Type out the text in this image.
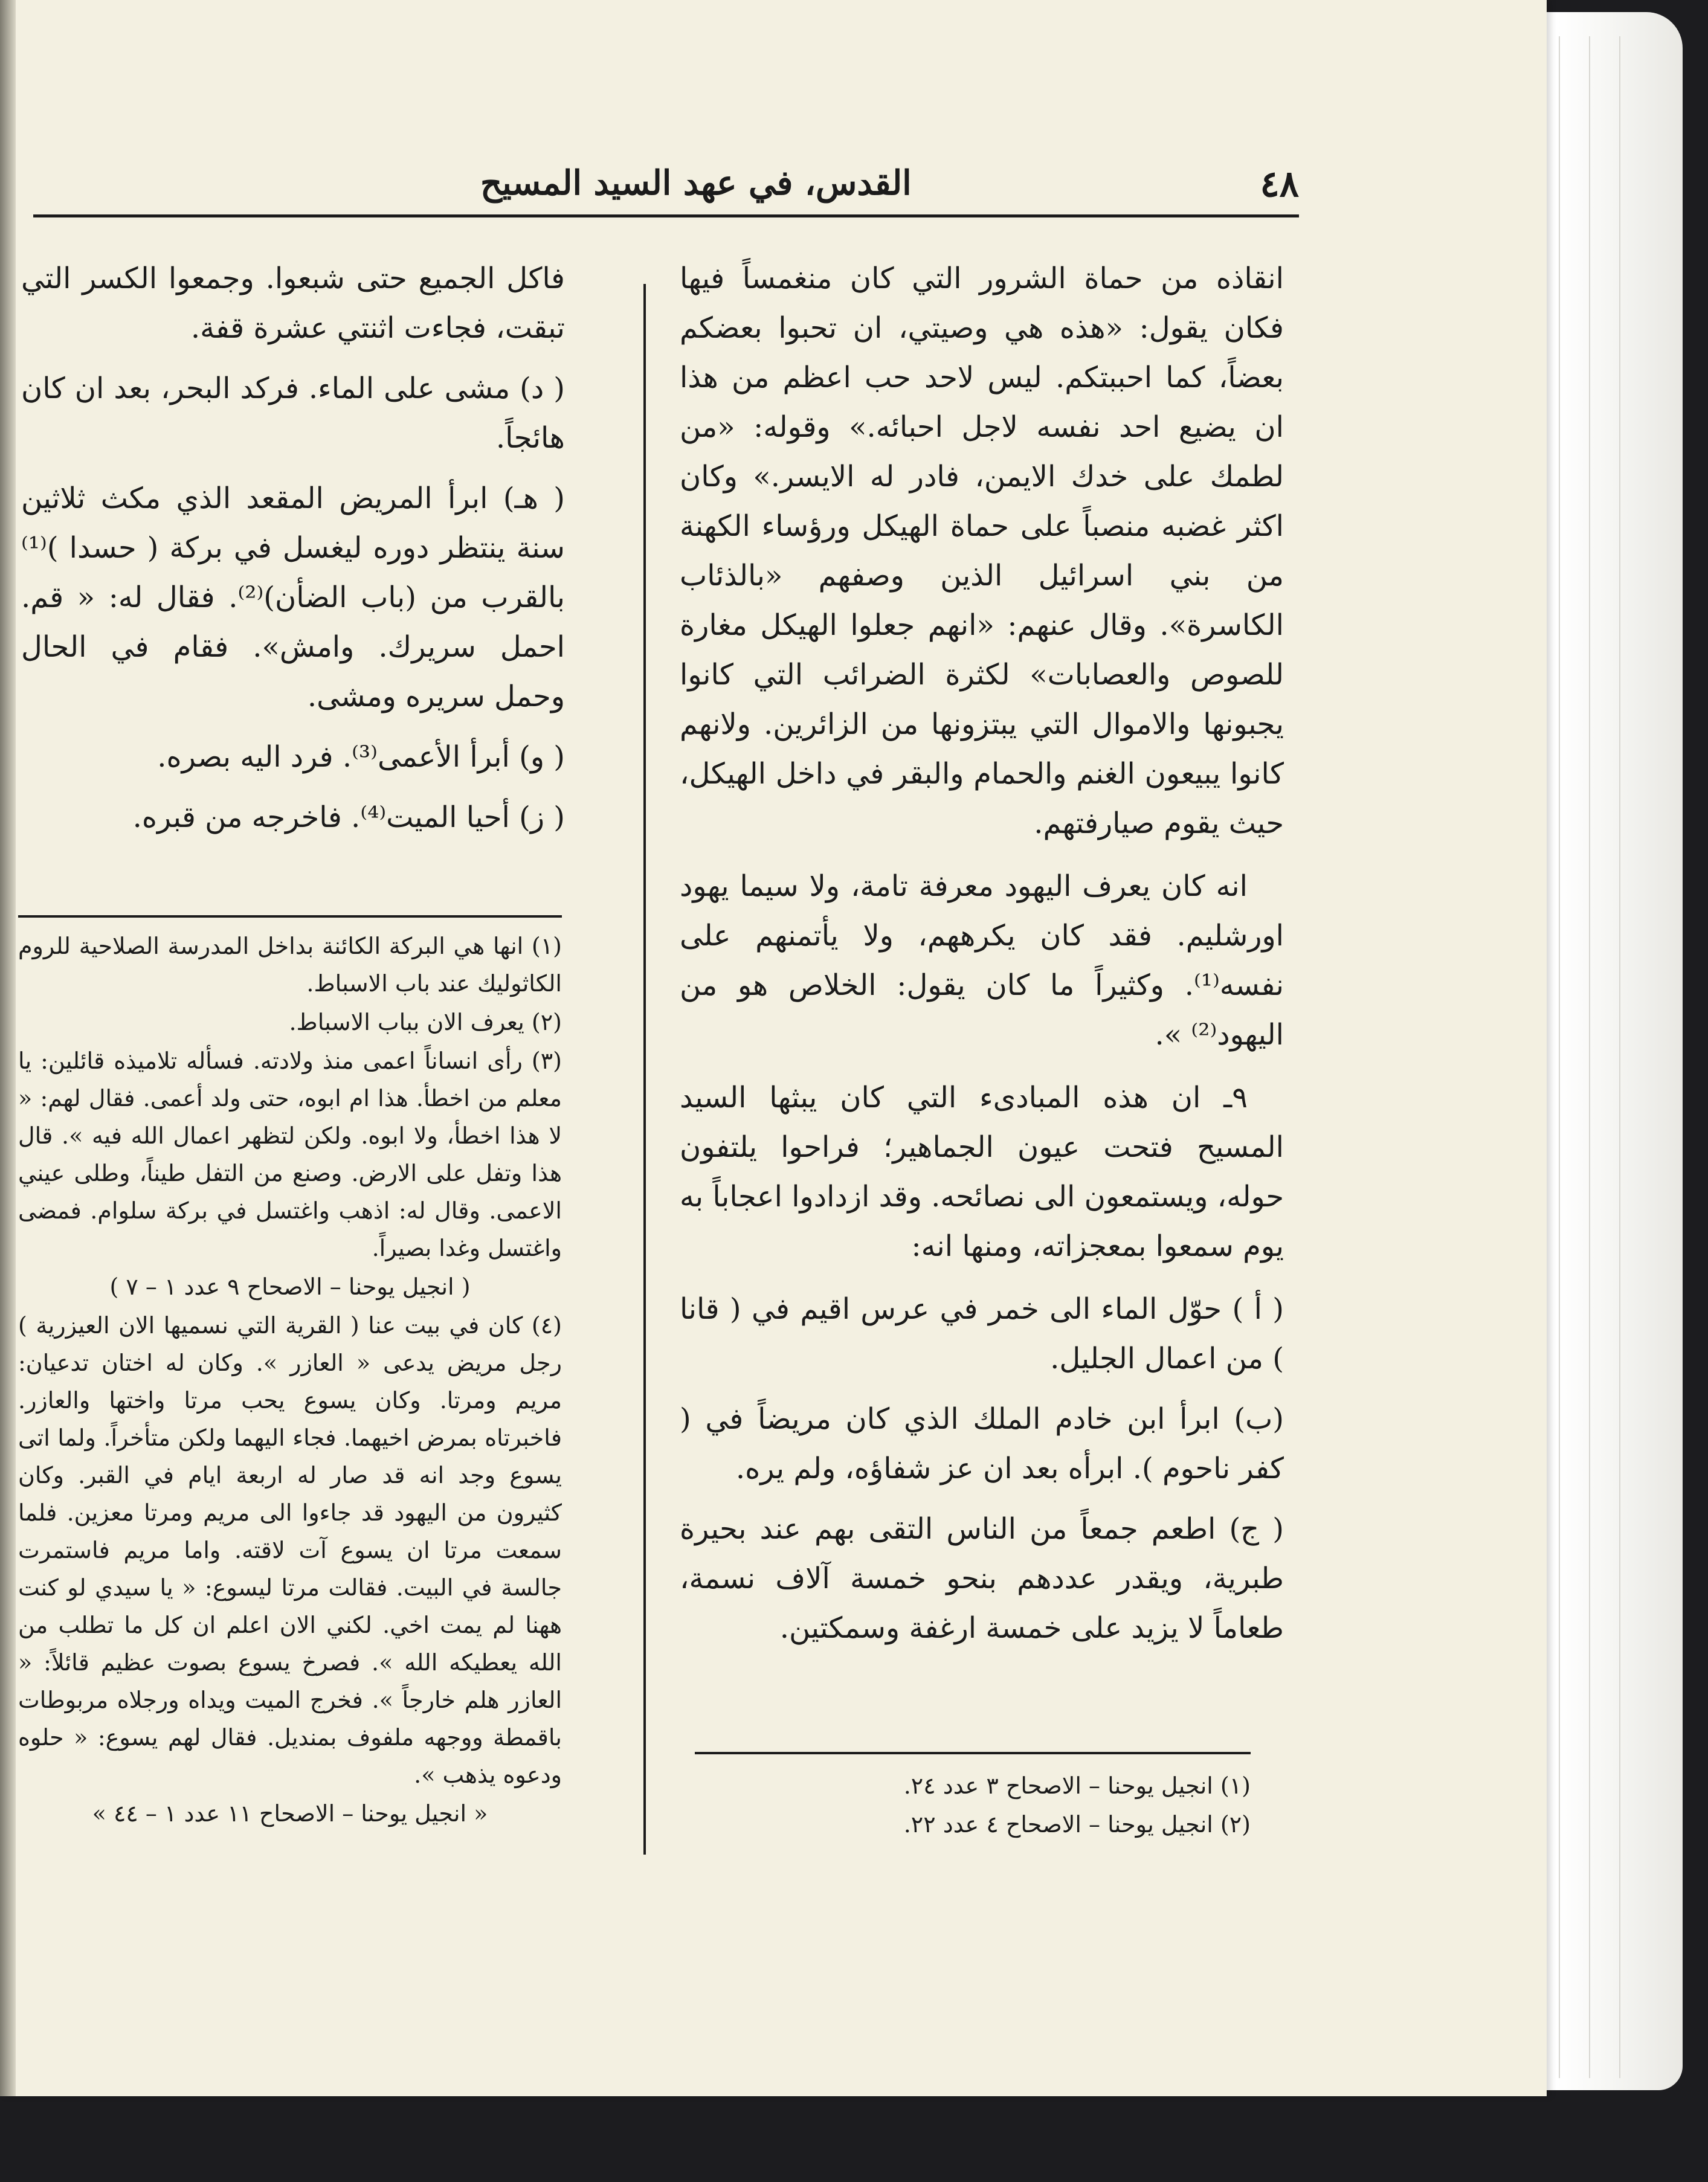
القدس، في عهد السيد المسيح	٤٨

انقاذه من حماة الشرور التي كان منغمساً فيها فكان يقول: «هذه هي وصيتي، ان تحبوا بعضكم بعضاً، كما احببتكم. ليس لاحد حب اعظم من هذا ان يضيع احد نفسه لاجل احبائه.» وقوله: «من لطمك على خدك الايمن، فادر له الايسر.» وكان اكثر غضبه منصباً على حماة الهيكل ورؤساء الكهنة من بني اسرائيل الذين وصفهم «بالذئاب الكاسرة». وقال عنهم: «انهم جعلوا الهيكل مغارة للصوص والعصابات» لكثرة الضرائب التي كانوا يجبونها والاموال التي يبتزونها من الزائرين. ولانهم كانوا يبيعون الغنم والحمام والبقر في داخل الهيكل، حيث يقوم صيارفتهم.

انه كان يعرف اليهود معرفة تامة، ولا سيما يهود اورشليم. فقد كان يكرههم، ولا يأتمنهم على نفسه⁽¹⁾. وكثيراً ما كان يقول: الخلاص هو من اليهود⁽²⁾ ».

٩ـ ان هذه المبادىء التي كان يبثها السيد المسيح فتحت عيون الجماهير؛ فراحوا يلتفون حوله، ويستمعون الى نصائحه. وقد ازدادوا اعجاباً به يوم سمعوا بمعجزاته، ومنها انه:

( أ ) حوّل الماء الى خمر في عرس اقيم في ( قانا ) من اعمال الجليل.

(ب) ابرأ ابن خادم الملك الذي كان مريضاً في ( كفر ناحوم ). ابرأه بعد ان عز شفاؤه، ولم يره.

( ج) اطعم جمعاً من الناس التقى بهم عند بحيرة طبرية، ويقدر عددهم بنحو خمسة آلاف نسمة، طعاماً لا يزيد على خمسة ارغفة وسمكتين.

فاكل الجميع حتى شبعوا. وجمعوا الكسر التي تبقت، فجاءت اثنتي عشرة قفة.

( د) مشى على الماء. فركد البحر، بعد ان كان هائجاً.

( هـ) ابرأ المريض المقعد الذي مكث ثلاثين سنة ينتظر دوره ليغسل في بركة ( حسدا )⁽¹⁾ بالقرب من (باب الضأن)⁽²⁾. فقال له: « قم. احمل سريرك. وامش». فقام في الحال وحمل سريره ومشى.

( و) أبرأ الأعمى⁽³⁾. فرد اليه بصره.

( ز) أحيا الميت⁽⁴⁾. فاخرجه من قبره.

(١) انها هي البركة الكائنة بداخل المدرسة الصلاحية للروم الكاثوليك عند باب الاسباط.

(٢) يعرف الان بباب الاسباط.

(٣) رأى انساناً اعمى منذ ولادته. فسأله تلاميذه قائلين: يا معلم من اخطأ. هذا ام ابوه، حتى ولد أعمى. فقال لهم: « لا هذا اخطأ، ولا ابوه. ولكن لتظهر اعمال الله فيه ». قال هذا وتفل على الارض. وصنع من التفل طيناً، وطلى عيني الاعمى. وقال له: اذهب واغتسل في بركة سلوام. فمضى واغتسل وغدا بصيراً.

( انجيل يوحنا – الاصحاح ٩ عدد ١ – ٧ )

(٤) كان في بيت عنا ( القرية التي نسميها الان العيزرية ) رجل مريض يدعى « العازر ». وكان له اختان تدعيان: مريم ومرتا. وكان يسوع يحب مرتا واختها والعازر. فاخبرتاه بمرض اخيهما. فجاء اليهما ولكن متأخراً. ولما اتى يسوع وجد انه قد صار له اربعة ايام في القبر. وكان كثيرون من اليهود قد جاءوا الى مريم ومرتا معزين. فلما سمعت مرتا ان يسوع آت لاقته. واما مريم فاستمرت جالسة في البيت. فقالت مرتا ليسوع: « يا سيدي لو كنت ههنا لم يمت اخي. لكني الان اعلم ان كل ما تطلب من الله يعطيكه الله ». فصرخ يسوع بصوت عظيم قائلاً: « العازر هلم خارجاً ». فخرج الميت ويداه ورجلاه مربوطات باقمطة ووجهه ملفوف بمنديل. فقال لهم يسوع: « حلوه ودعوه يذهب ».

« انجيل يوحنا – الاصحاح ١١ عدد ١ – ٤٤ »

(١) انجيل يوحنا – الاصحاح ٣ عدد ٢٤.

(٢) انجيل يوحنا – الاصحاح ٤ عدد ٢٢.
